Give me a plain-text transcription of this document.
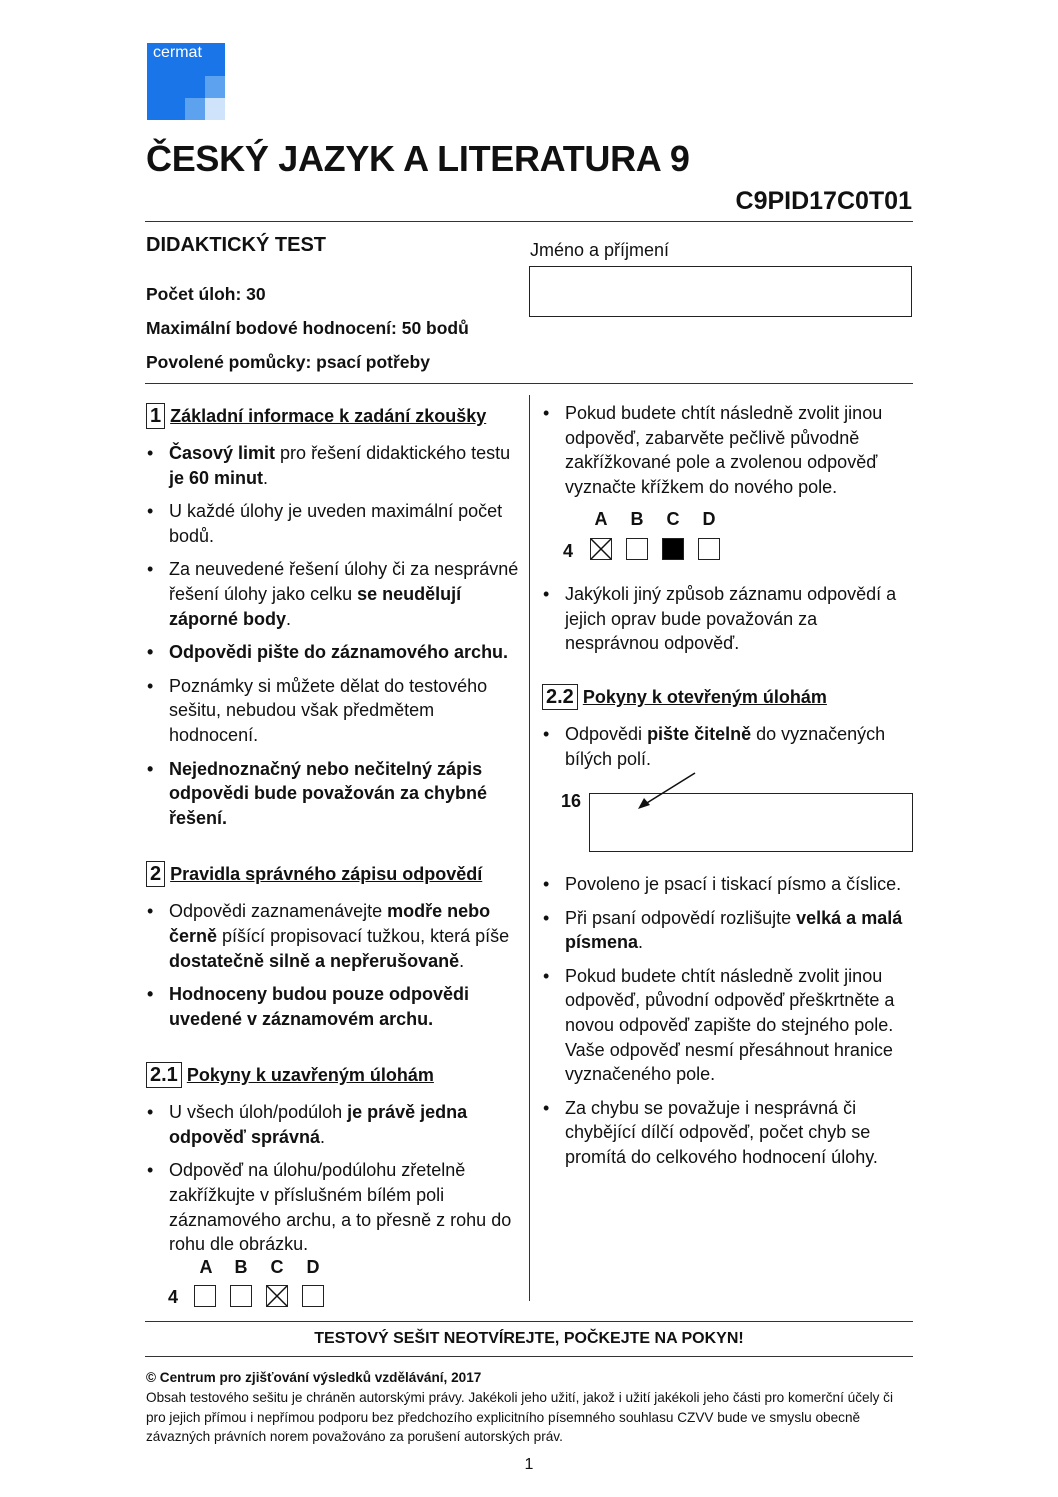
cermat
ČESKÝ JAZYK A LITERATURA 9
C9PID17C0T01
DIDAKTICKÝ TEST
Počet úloh: 30
Maximální bodové hodnocení: 50 bodů
Povolené pomůcky: psací potřeby
Jméno a příjmení
1 Základní informace k zadání zkoušky

• Časový limit pro řešení didaktického testu je 60 minut.

• U každé úlohy je uveden maximální počet bodů.

• Za neuvedené řešení úlohy či za nesprávné řešení úlohy jako celku se neudělují záporné body.

• Odpovědi pište do záznamového archu.

• Poznámky si můžete dělat do testového sešitu, nebudou však předmětem hodnocení.

• Nejednoznačný nebo nečitelný zápis odpovědi bude považován za chybné řešení.

2 Pravidla správného zápisu odpovědí

• Odpovědi zaznamenávejte modře nebo černě píšící propisovací tužkou, která píše dostatečně silně a nepřerušovaně.

• Hodnoceny budou pouze odpovědi uvedené v záznamovém archu.

2.1 Pokyny k uzavřeným úlohám

• U všech úloh/podúloh je právě jedna odpověď správná.

• Odpověď na úlohu/podúlohu zřetelně zakřížkujte v příslušném bílém poli záznamového archu, a to přesně z rohu do rohu dle obrázku.

A	B	C	D
4

• Pokud budete chtít následně zvolit jinou odpověď, zabarvěte pečlivě původně zakřížkované pole a zvolenou odpověď vyznačte křížkem do nového pole.

A	B	C	D
4

• Jakýkoli jiný způsob záznamu odpovědí a jejich oprav bude považován za nesprávnou odpověď.

2.2 Pokyny k otevřeným úlohám

• Odpovědi pište čitelně do vyznačených bílých polí.

16

• Povoleno je psací i tiskací písmo a číslice.

• Při psaní odpovědí rozlišujte velká a malá písmena.

• Pokud budete chtít následně zvolit jinou odpověď, původní odpověď přeškrtněte a novou odpověď zapište do stejného pole. Vaše odpověď nesmí přesáhnout hranice vyznačeného pole.

• Za chybu se považuje i nesprávná či chybějící dílčí odpověď, počet chyb se promítá do celkového hodnocení úlohy.

TESTOVÝ SEŠIT NEOTVÍREJTE, POČKEJTE NA POKYN!
© Centrum pro zjišťování výsledků vzdělávání, 2017
Obsah testového sešitu je chráněn autorskými právy. Jakékoli jeho užití, jakož i užití jakékoli jeho části pro komerční účely či pro jejich přímou i nepřímou podporu bez předchozího explicitního písemného souhlasu CZVV bude ve smyslu obecně závazných právních norem považováno za porušení autorských práv.
1
